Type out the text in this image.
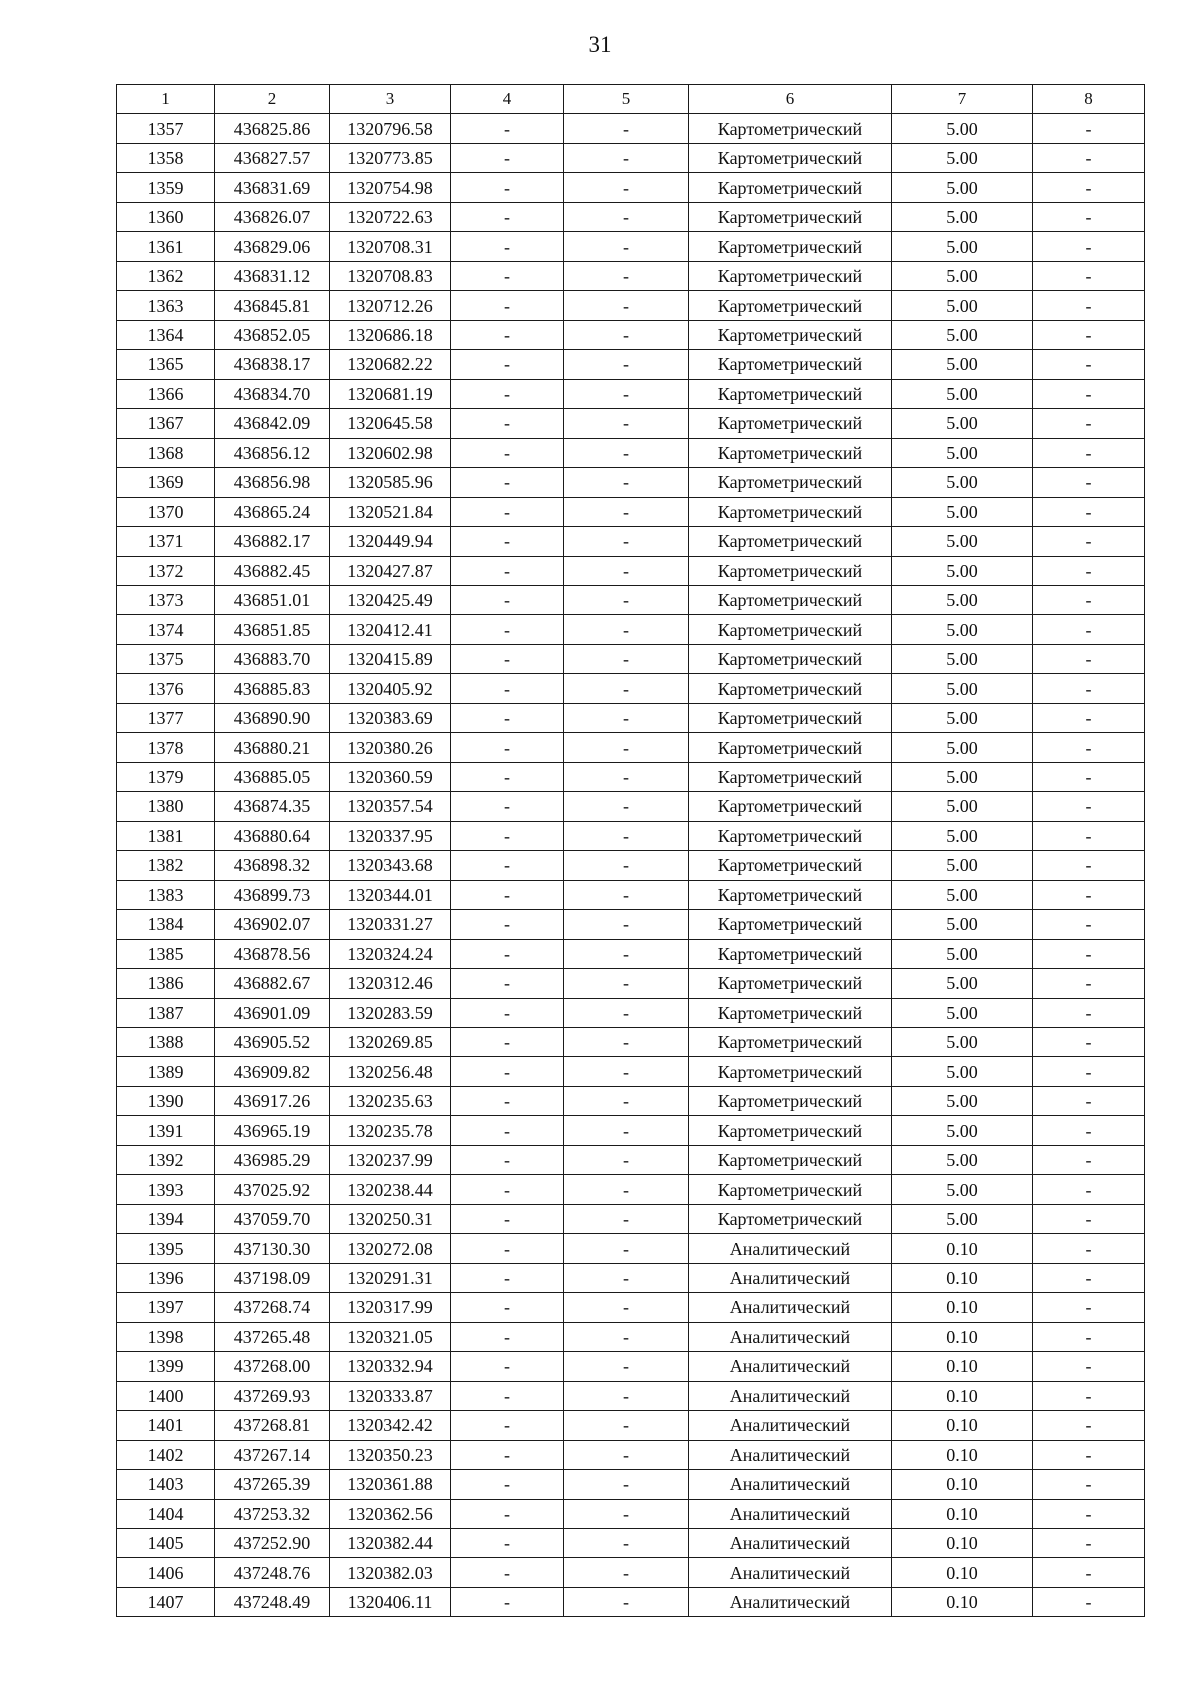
31
1	2	3	4	5	6	7	8
1357	436825.86	1320796.58	-	-	Картометрический	5.00	-
1358	436827.57	1320773.85	-	-	Картометрический	5.00	-
1359	436831.69	1320754.98	-	-	Картометрический	5.00	-
1360	436826.07	1320722.63	-	-	Картометрический	5.00	-
1361	436829.06	1320708.31	-	-	Картометрический	5.00	-
1362	436831.12	1320708.83	-	-	Картометрический	5.00	-
1363	436845.81	1320712.26	-	-	Картометрический	5.00	-
1364	436852.05	1320686.18	-	-	Картометрический	5.00	-
1365	436838.17	1320682.22	-	-	Картометрический	5.00	-
1366	436834.70	1320681.19	-	-	Картометрический	5.00	-
1367	436842.09	1320645.58	-	-	Картометрический	5.00	-
1368	436856.12	1320602.98	-	-	Картометрический	5.00	-
1369	436856.98	1320585.96	-	-	Картометрический	5.00	-
1370	436865.24	1320521.84	-	-	Картометрический	5.00	-
1371	436882.17	1320449.94	-	-	Картометрический	5.00	-
1372	436882.45	1320427.87	-	-	Картометрический	5.00	-
1373	436851.01	1320425.49	-	-	Картометрический	5.00	-
1374	436851.85	1320412.41	-	-	Картометрический	5.00	-
1375	436883.70	1320415.89	-	-	Картометрический	5.00	-
1376	436885.83	1320405.92	-	-	Картометрический	5.00	-
1377	436890.90	1320383.69	-	-	Картометрический	5.00	-
1378	436880.21	1320380.26	-	-	Картометрический	5.00	-
1379	436885.05	1320360.59	-	-	Картометрический	5.00	-
1380	436874.35	1320357.54	-	-	Картометрический	5.00	-
1381	436880.64	1320337.95	-	-	Картометрический	5.00	-
1382	436898.32	1320343.68	-	-	Картометрический	5.00	-
1383	436899.73	1320344.01	-	-	Картометрический	5.00	-
1384	436902.07	1320331.27	-	-	Картометрический	5.00	-
1385	436878.56	1320324.24	-	-	Картометрический	5.00	-
1386	436882.67	1320312.46	-	-	Картометрический	5.00	-
1387	436901.09	1320283.59	-	-	Картометрический	5.00	-
1388	436905.52	1320269.85	-	-	Картометрический	5.00	-
1389	436909.82	1320256.48	-	-	Картометрический	5.00	-
1390	436917.26	1320235.63	-	-	Картометрический	5.00	-
1391	436965.19	1320235.78	-	-	Картометрический	5.00	-
1392	436985.29	1320237.99	-	-	Картометрический	5.00	-
1393	437025.92	1320238.44	-	-	Картометрический	5.00	-
1394	437059.70	1320250.31	-	-	Картометрический	5.00	-
1395	437130.30	1320272.08	-	-	Аналитический	0.10	-
1396	437198.09	1320291.31	-	-	Аналитический	0.10	-
1397	437268.74	1320317.99	-	-	Аналитический	0.10	-
1398	437265.48	1320321.05	-	-	Аналитический	0.10	-
1399	437268.00	1320332.94	-	-	Аналитический	0.10	-
1400	437269.93	1320333.87	-	-	Аналитический	0.10	-
1401	437268.81	1320342.42	-	-	Аналитический	0.10	-
1402	437267.14	1320350.23	-	-	Аналитический	0.10	-
1403	437265.39	1320361.88	-	-	Аналитический	0.10	-
1404	437253.32	1320362.56	-	-	Аналитический	0.10	-
1405	437252.90	1320382.44	-	-	Аналитический	0.10	-
1406	437248.76	1320382.03	-	-	Аналитический	0.10	-
1407	437248.49	1320406.11	-	-	Аналитический	0.10	-
